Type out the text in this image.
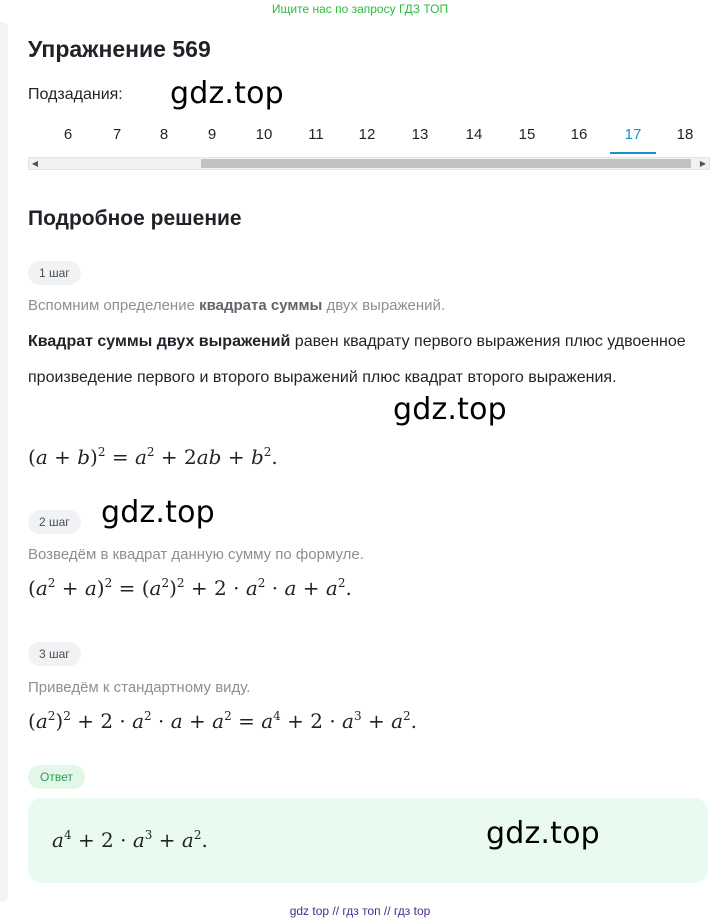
Ищите нас по запросу ГДЗ ТОП
Упражнение 569
Подзадания: gdz.top
6	7	8	9	10	11	12	13	14	15	16	17	18
◀	▶
Подробное решение
1 шаг
Вспомним определение квадрата суммы двух выражений.
Квадрат суммы двух выражений равен квадрату первого выражения плюс удвоенное произведение первого и второго выражений плюс квадрат второго выражения.
gdz.top
$(a + b)^2 = a^2 + 2ab + b^2$.
2 шаг	gdz.top
Возведём в квадрат данную сумму по формуле.
$(a^2 + a)^2 = (a^2)^2 + 2 \cdot a^2 \cdot a + a^2$.
3 шаг
Приведём к стандартному виду.
$(a^2)^2 + 2 \cdot a^2 \cdot a + a^2 = a^4 + 2 \cdot a^3 + a^2$.
Ответ
$a^4 + 2 \cdot a^3 + a^2$.	gdz.top
gdz top // гдз топ // гдз top
